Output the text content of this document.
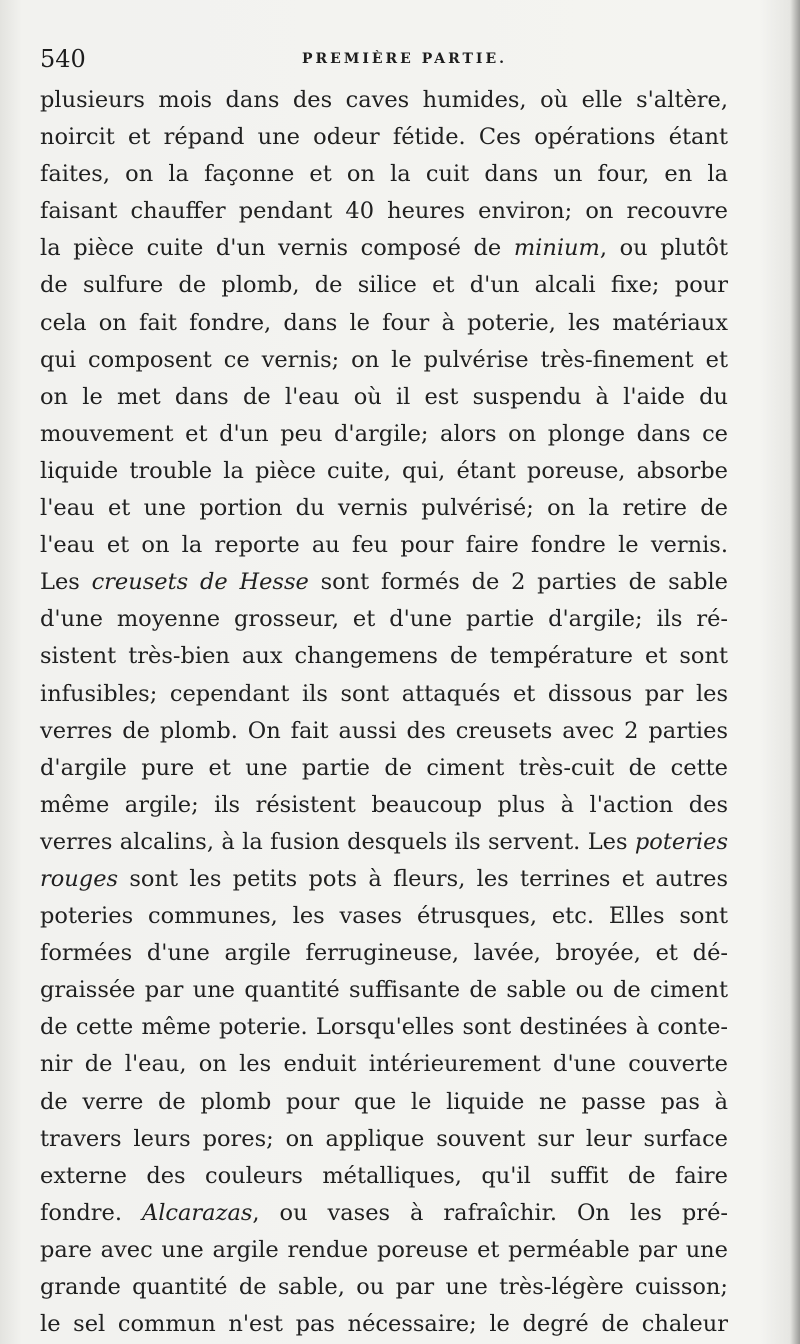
540	PREMIÈRE PARTIE.
plusieurs mois dans des caves humides, où elle s'altère,
noircit et répand une odeur fétide. Ces opérations étant
faites, on la façonne et on la cuit dans un four, en la
faisant chauffer pendant 40 heures environ; on recouvre
la pièce cuite d'un vernis composé de minium, ou plutôt
de sulfure de plomb, de silice et d'un alcali fixe; pour
cela on fait fondre, dans le four à poterie, les matériaux
qui composent ce vernis; on le pulvérise très-finement et
on le met dans de l'eau où il est suspendu à l'aide du
mouvement et d'un peu d'argile; alors on plonge dans ce
liquide trouble la pièce cuite, qui, étant poreuse, absorbe
l'eau et une portion du vernis pulvérisé; on la retire de
l'eau et on la reporte au feu pour faire fondre le vernis.
Les creusets de Hesse sont formés de 2 parties de sable
d'une moyenne grosseur, et d'une partie d'argile; ils ré-
sistent très-bien aux changemens de température et sont
infusibles; cependant ils sont attaqués et dissous par les
verres de plomb. On fait aussi des creusets avec 2 parties
d'argile pure et une partie de ciment très-cuit de cette
même argile; ils résistent beaucoup plus à l'action des
verres alcalins, à la fusion desquels ils servent. Les poteries
rouges sont les petits pots à fleurs, les terrines et autres
poteries communes, les vases étrusques, etc. Elles sont
formées d'une argile ferrugineuse, lavée, broyée, et dé-
graissée par une quantité suffisante de sable ou de ciment
de cette même poterie. Lorsqu'elles sont destinées à conte-
nir de l'eau, on les enduit intérieurement d'une couverte
de verre de plomb pour que le liquide ne passe pas à
travers leurs pores; on applique souvent sur leur surface
externe des couleurs métalliques, qu'il suffit de faire
fondre. Alcarazas, ou vases à rafraîchir. On les pré-
pare avec une argile rendue poreuse et perméable par une
grande quantité de sable, ou par une très-légère cuisson;
le sel commun n'est pas nécessaire; le degré de chaleur
